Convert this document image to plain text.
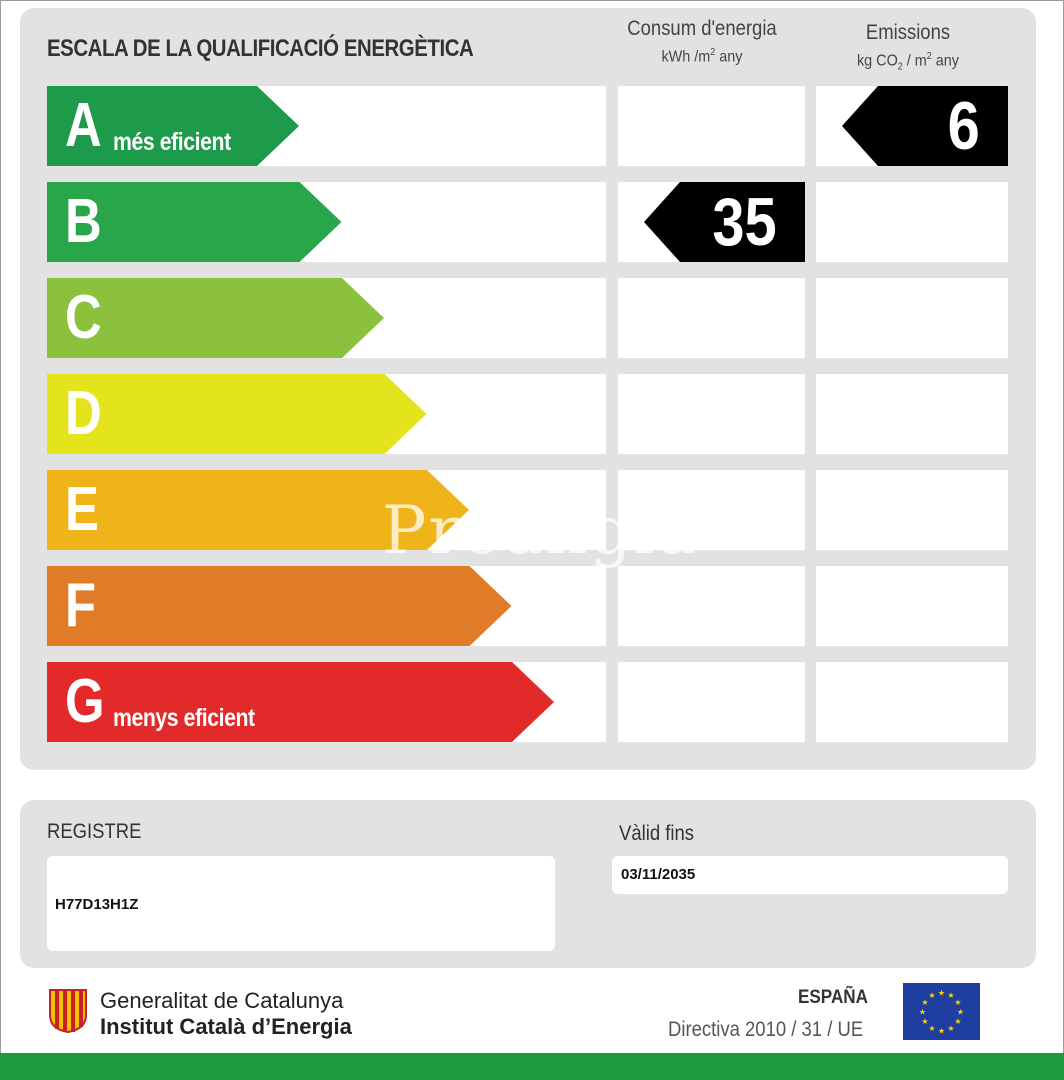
ESCALA DE LA QUALIFICACIÓ ENERGÈTICA
Consum d'energia
kWh $/m^2$ any
Emissions
kg $CO_2 / m^2$ any
A més eficient
B
C
D
E
F
G menys eficient
35
6
Proangia
REGISTRE
H77D13H1Z
Vàlid fins
03/11/2035
Generalitat de Catalunya
Institut Català d’Energia
ESPAÑA
Directiva 2010 / 31 / UE
★ ★
★
★
★
★
★
★
★
★
★
★
